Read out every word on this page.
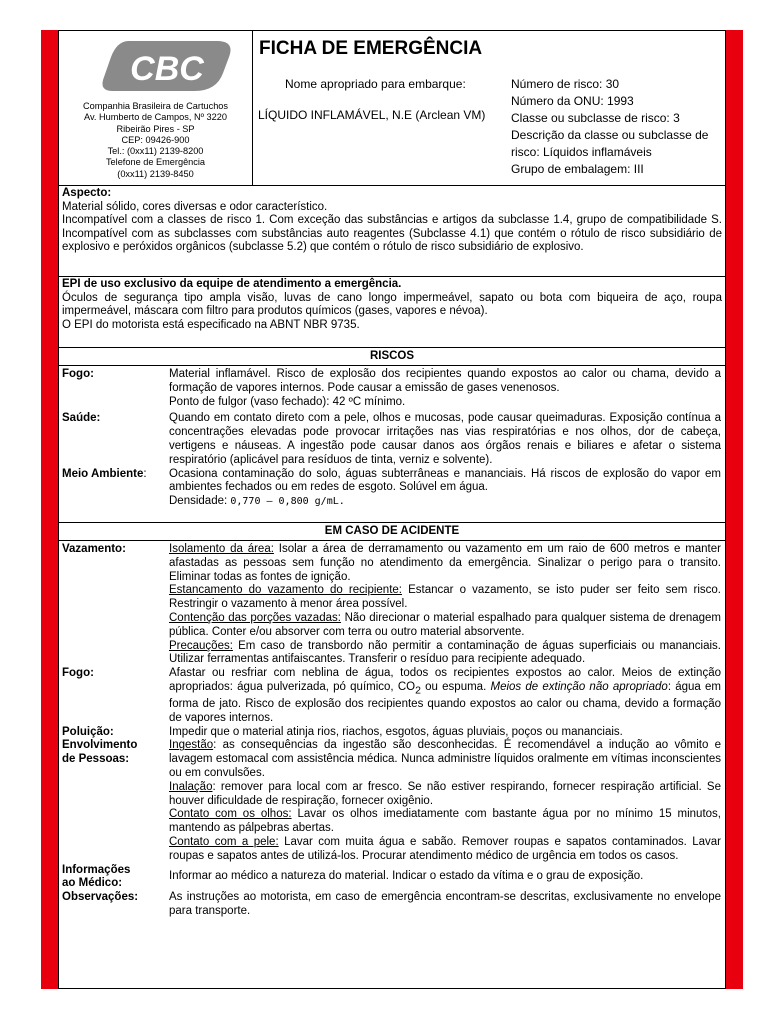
CBC
Companhia Brasileira de Cartuchos
Av. Humberto de Campos, Nº 3220
Ribeirão Pires - SP
CEP: 09426-900
Tel.: (0xx11) 2139-8200
Telefone de Emergência
(0xx11) 2139-8450
FICHA DE EMERGÊNCIA
Nome apropriado para embarque:
LÍQUIDO INFLAMÁVEL, N.E (Arclean VM)
Número de risco: 30
Número da ONU: 1993
Classe ou subclasse de risco: 3
Descrição da classe ou subclasse de
risco: Líquidos inflamáveis
Grupo de embalagem: III
Aspecto:
Material sólido, cores diversas e odor característico.
Incompatível com a classes de risco 1. Com exceção das substâncias e artigos da subclasse 1.4, grupo de compatibilidade S. Incompatível com as subclasses com substâncias auto reagentes (Subclasse 4.1) que contém o rótulo de risco subsidiário de explosivo e peróxidos orgânicos (subclasse 5.2) que contém o rótulo de risco subsidiário de explosivo.
EPI de uso exclusivo da equipe de atendimento a emergência.

Óculos de segurança tipo ampla visão, luvas de cano longo impermeável, sapato ou bota com biqueira de aço, roupa impermeável, máscara com filtro para produtos químicos (gases, vapores e névoa).

O EPI do motorista está especificado na ABNT NBR 9735.

RISCOS
Fogo:	Material inflamável. Risco de explosão dos recipientes quando expostos ao calor ou chama, devido a formação de vapores internos. Pode causar a emissão de gases venenosos.
Ponto de fulgor (vaso fechado): 42 ºC mínimo.
Saúde:	Quando em contato direto com a pele, olhos e mucosas, pode causar queimaduras. Exposição contínua a concentrações elevadas pode provocar irritações nas vias respiratórias e nos olhos, dor de cabeça, vertigens e náuseas. A ingestão pode causar danos aos órgãos renais e biliares e afetar o sistema respiratório (aplicável para resíduos de tinta, verniz e solvente).
Meio Ambiente:	Ocasiona contaminação do solo, águas subterrâneas e mananciais. Há riscos de explosão do vapor em ambientes fechados ou em redes de esgoto. Solúvel em água.
Densidade: 0,770 – 0,800 g/mL.
EM CASO DE ACIDENTE
Vazamento:	Isolamento da área: Isolar a área de derramamento ou vazamento em um raio de 600 metros e manter afastadas as pessoas sem função no atendimento da emergência. Sinalizar o perigo para o transito. Eliminar todas as fontes de ignição.
Estancamento do vazamento do recipiente: Estancar o vazamento, se isto puder ser feito sem risco. Restringir o vazamento à menor área possível.
Contenção das porções vazadas: Não direcionar o material espalhado para qualquer sistema de drenagem pública. Conter e/ou absorver com terra ou outro material absorvente.
Precauções: Em caso de transbordo não permitir a contaminação de águas superficiais ou mananciais. Utilizar ferramentas antifaiscantes. Transferir o resíduo para recipiente adequado.
Fogo:	Afastar ou resfriar com neblina de água, todos os recipientes expostos ao calor. Meios de extinção apropriados: água pulverizada, pó químico, $CO_2$ ou espuma. Meios de extinção não apropriado: água em forma de jato. Risco de explosão dos recipientes quando expostos ao calor ou chama, devido a formação de vapores internos.
Poluição:	Impedir que o material atinja rios, riachos, esgotos, águas pluviais, poços ou mananciais.
Envolvimento de Pessoas:
Ingestão: as consequências da ingestão são desconhecidas. É recomendável a indução ao vômito e lavagem estomacal com assistência médica. Nunca administre líquidos oralmente em vítimas inconscientes ou em convulsões.
Inalação: remover para local com ar fresco. Se não estiver respirando, fornecer respiração artificial. Se houver dificuldade de respiração, fornecer oxigênio.
Contato com os olhos: Lavar os olhos imediatamente com bastante água por no mínimo 15 minutos, mantendo as pálpebras abertas.
Contato com a pele: Lavar com muita água e sabão. Remover roupas e sapatos contaminados. Lavar roupas e sapatos antes de utilizá-los. Procurar atendimento médico de urgência em todos os casos.
Informações ao Médico:
Informar ao médico a natureza do material. Indicar o estado da vítima e o grau de exposição.
Observações:	As instruções ao motorista, em caso de emergência encontram-se descritas, exclusivamente no envelope para transporte.
